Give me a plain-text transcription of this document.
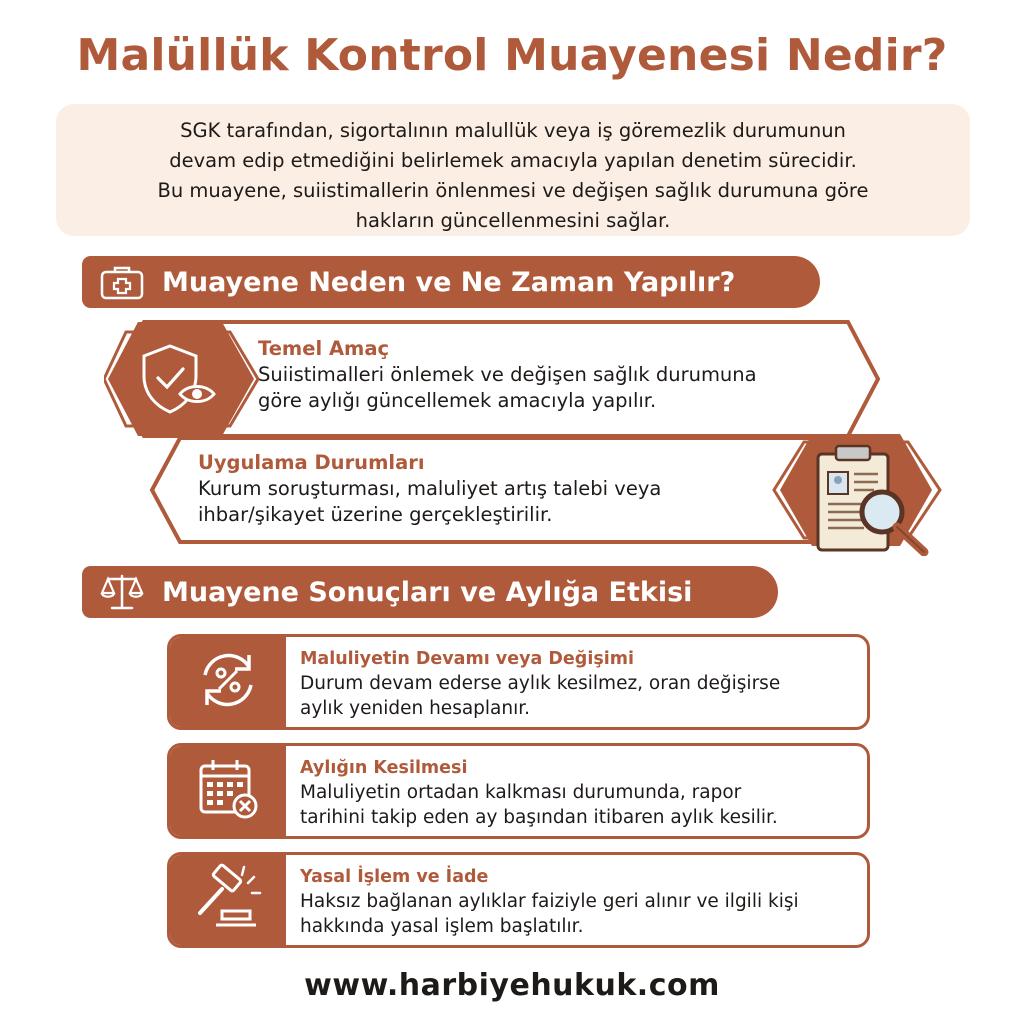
Malüllük Kontrol Muayenesi Nedir?
SGK tarafından, sigortalının malullük veya iş göremezlik durumunun
devam edip etmediğini belirlemek amacıyla yapılan denetim sürecidir.
Bu muayene, suiistimallerin önlenmesi ve değişen sağlık durumuna göre
hakların güncellenmesini sağlar.
Muayene Neden ve Ne Zaman Yapılır?
Temel Amaç
Suiistimalleri önlemek ve değişen sağlık durumuna
göre aylığı güncellemek amacıyla yapılır.
Uygulama Durumları
Kurum soruşturması, maluliyet artış talebi veya
ihbar/şikayet üzerine gerçekleştirilir.
Muayene Sonuçları ve Aylığa Etkisi
Maluliyetin Devamı veya Değişimi
Durum devam ederse aylık kesilmez, oran değişirse
aylık yeniden hesaplanır.
Aylığın Kesilmesi
Maluliyetin ortadan kalkması durumunda, rapor
tarihini takip eden ay başından itibaren aylık kesilir.
Yasal İşlem ve İade
Haksız bağlanan aylıklar faiziyle geri alınır ve ilgili kişi
hakkında yasal işlem başlatılır.
www.harbiyehukuk.com
